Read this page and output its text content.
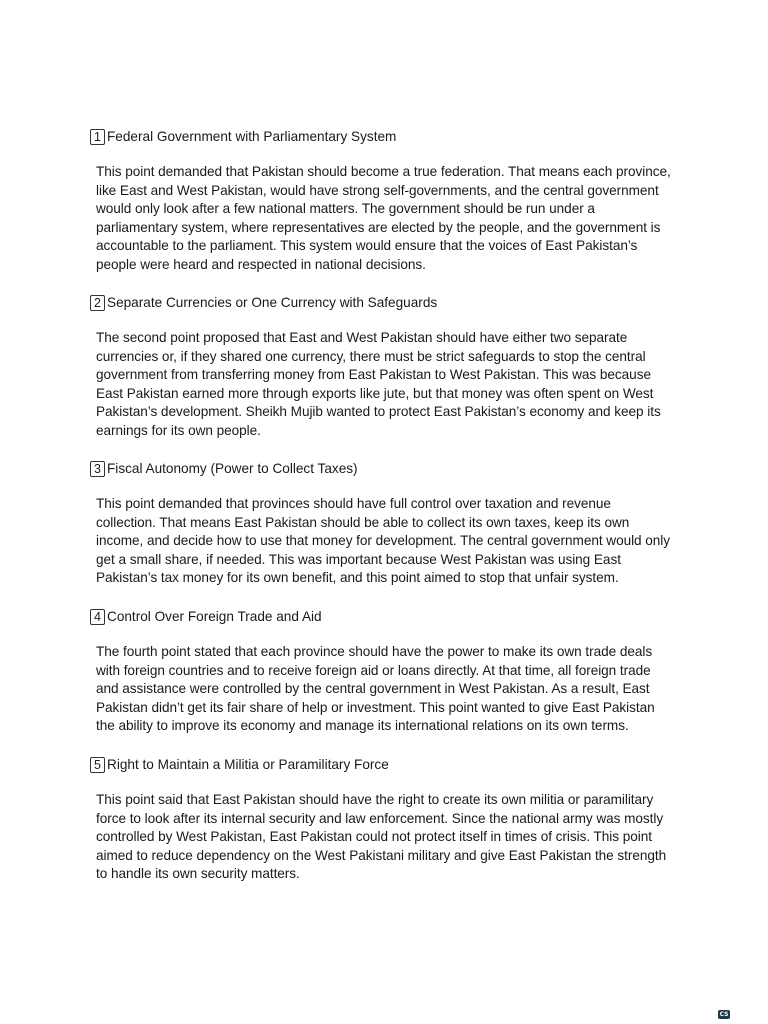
1 Federal Government with Parliamentary System

This point demanded that Pakistan should become a true federation. That means each province, like East and West Pakistan, would have strong self-governments, and the central government would only look after a few national matters. The government should be run under a parliamentary system, where representatives are elected by the people, and the government is accountable to the parliament. This system would ensure that the voices of East Pakistan’s people were heard and respected in national decisions.

2 Separate Currencies or One Currency with Safeguards

The second point proposed that East and West Pakistan should have either two separate currencies or, if they shared one currency, there must be strict safeguards to stop the central government from transferring money from East Pakistan to West Pakistan. This was because East Pakistan earned more through exports like jute, but that money was often spent on West Pakistan’s development. Sheikh Mujib wanted to protect East Pakistan’s economy and keep its earnings for its own people.

3 Fiscal Autonomy (Power to Collect Taxes)

This point demanded that provinces should have full control over taxation and revenue collection. That means East Pakistan should be able to collect its own taxes, keep its own income, and decide how to use that money for development. The central government would only get a small share, if needed. This was important because West Pakistan was using East Pakistan’s tax money for its own benefit, and this point aimed to stop that unfair system.

4 Control Over Foreign Trade and Aid

The fourth point stated that each province should have the power to make its own trade deals with foreign countries and to receive foreign aid or loans directly. At that time, all foreign trade and assistance were controlled by the central government in West Pakistan. As a result, East Pakistan didn’t get its fair share of help or investment. This point wanted to give East Pakistan the ability to improve its economy and manage its international relations on its own terms.

5 Right to Maintain a Militia or Paramilitary Force

This point said that East Pakistan should have the right to create its own militia or paramilitary force to look after its internal security and law enforcement. Since the national army was mostly controlled by West Pakistan, East Pakistan could not protect itself in times of crisis. This point aimed to reduce dependency on the West Pakistani military and give East Pakistan the strength to handle its own security matters.

CS
